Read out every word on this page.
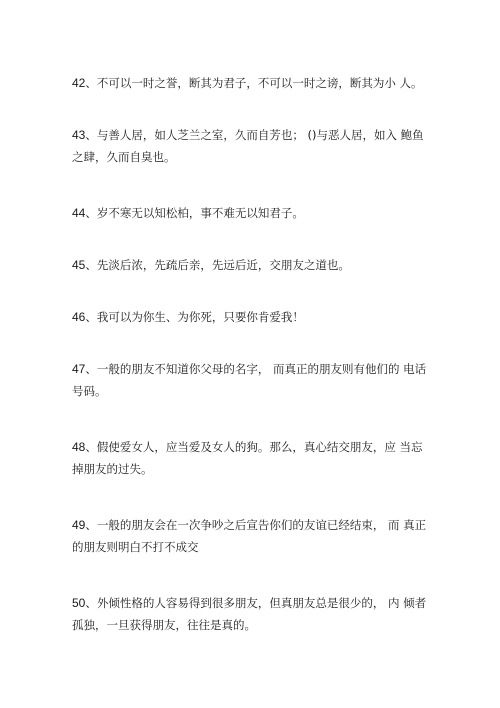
42、不可以一时之誉，断其为君子，不可以一时之谤，断其为小 人。
43、与善人居，如人芝兰之室，久而自芳也； ()与恶人居，如入 鲍鱼
之肆，久而自臭也。
44、岁不寒无以知松柏，事不难无以知君子。
45、先淡后浓，先疏后亲，先远后近，交朋友之道也。
46、我可以为你生、为你死，只要你肯爱我！
47、一般的朋友不知道你父母的名字， 而真正的朋友则有他们的 电话
号码。
48、假使爱女人，应当爱及女人的狗。那么，真心结交朋友，应 当忘
掉朋友的过失。
49、一般的朋友会在一次争吵之后宣告你们的友谊已经结束， 而 真正
的朋友则明白不打不成交
50、外倾性格的人容易得到很多朋友，但真朋友总是很少的， 内 倾者
孤独，一旦获得朋友，往往是真的。
